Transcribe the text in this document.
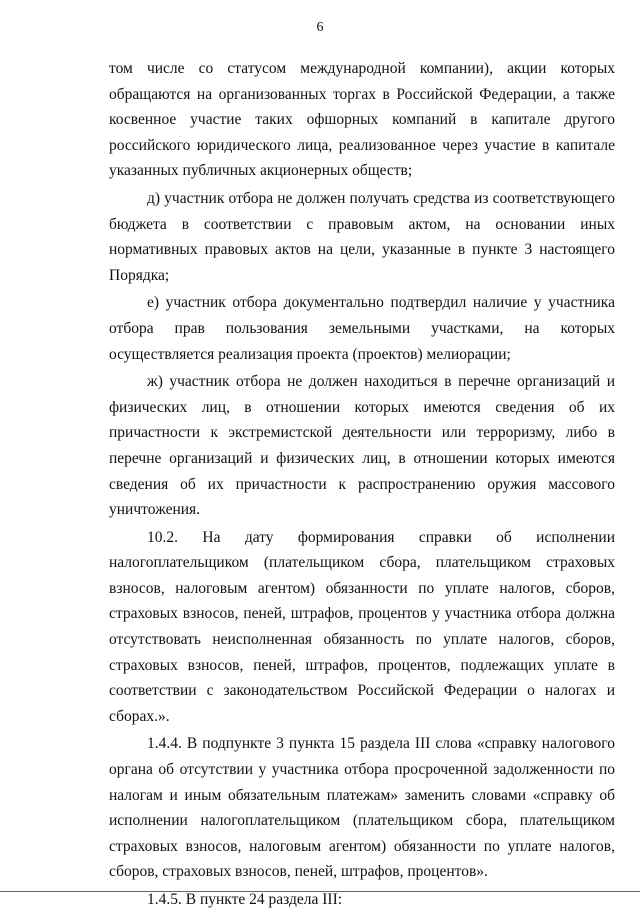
6

том числе со статусом международной компании), акции которых обращаются на организованных торгах в Российской Федерации, а также косвенное участие таких офшорных компаний в капитале другого российского юридического лица, реализованное через участие в капитале указанных публичных акционерных обществ;

д) участник отбора не должен получать средства из соответствующего бюджета в соответствии с правовым актом, на основании иных нормативных правовых актов на цели, указанные в пункте 3 настоящего Порядка;

е) участник отбора документально подтвердил наличие у участника отбора прав пользования земельными участками, на которых осуществляется реализация проекта (проектов) мелиорации;

ж) участник отбора не должен находиться в перечне организаций и физических лиц, в отношении которых имеются сведения об их причастности к экстремистской деятельности или терроризму, либо в перечне организаций и физических лиц, в отношении которых имеются сведения об их причастности к распространению оружия массового уничтожения.

10.2. На дату формирования справки об исполнении налогоплательщиком (плательщиком сбора, плательщиком страховых взносов, налоговым агентом) обязанности по уплате налогов, сборов, страховых взносов, пеней, штрафов, процентов у участника отбора должна отсутствовать неисполненная обязанность по уплате налогов, сборов, страховых взносов, пеней, штрафов, процентов, подлежащих уплате в соответствии с законодательством Российской Федерации о налогах и сборах.».

1.4.4. В подпункте 3 пункта 15 раздела III слова «справку налогового органа об отсутствии у участника отбора просроченной задолженности по налогам и иным обязательным платежам» заменить словами «справку об исполнении налогоплательщиком (плательщиком сбора, плательщиком страховых взносов, налоговым агентом) обязанности по уплате налогов, сборов, страховых взносов, пеней, штрафов, процентов».

1.4.5. В пункте 24 раздела III:
